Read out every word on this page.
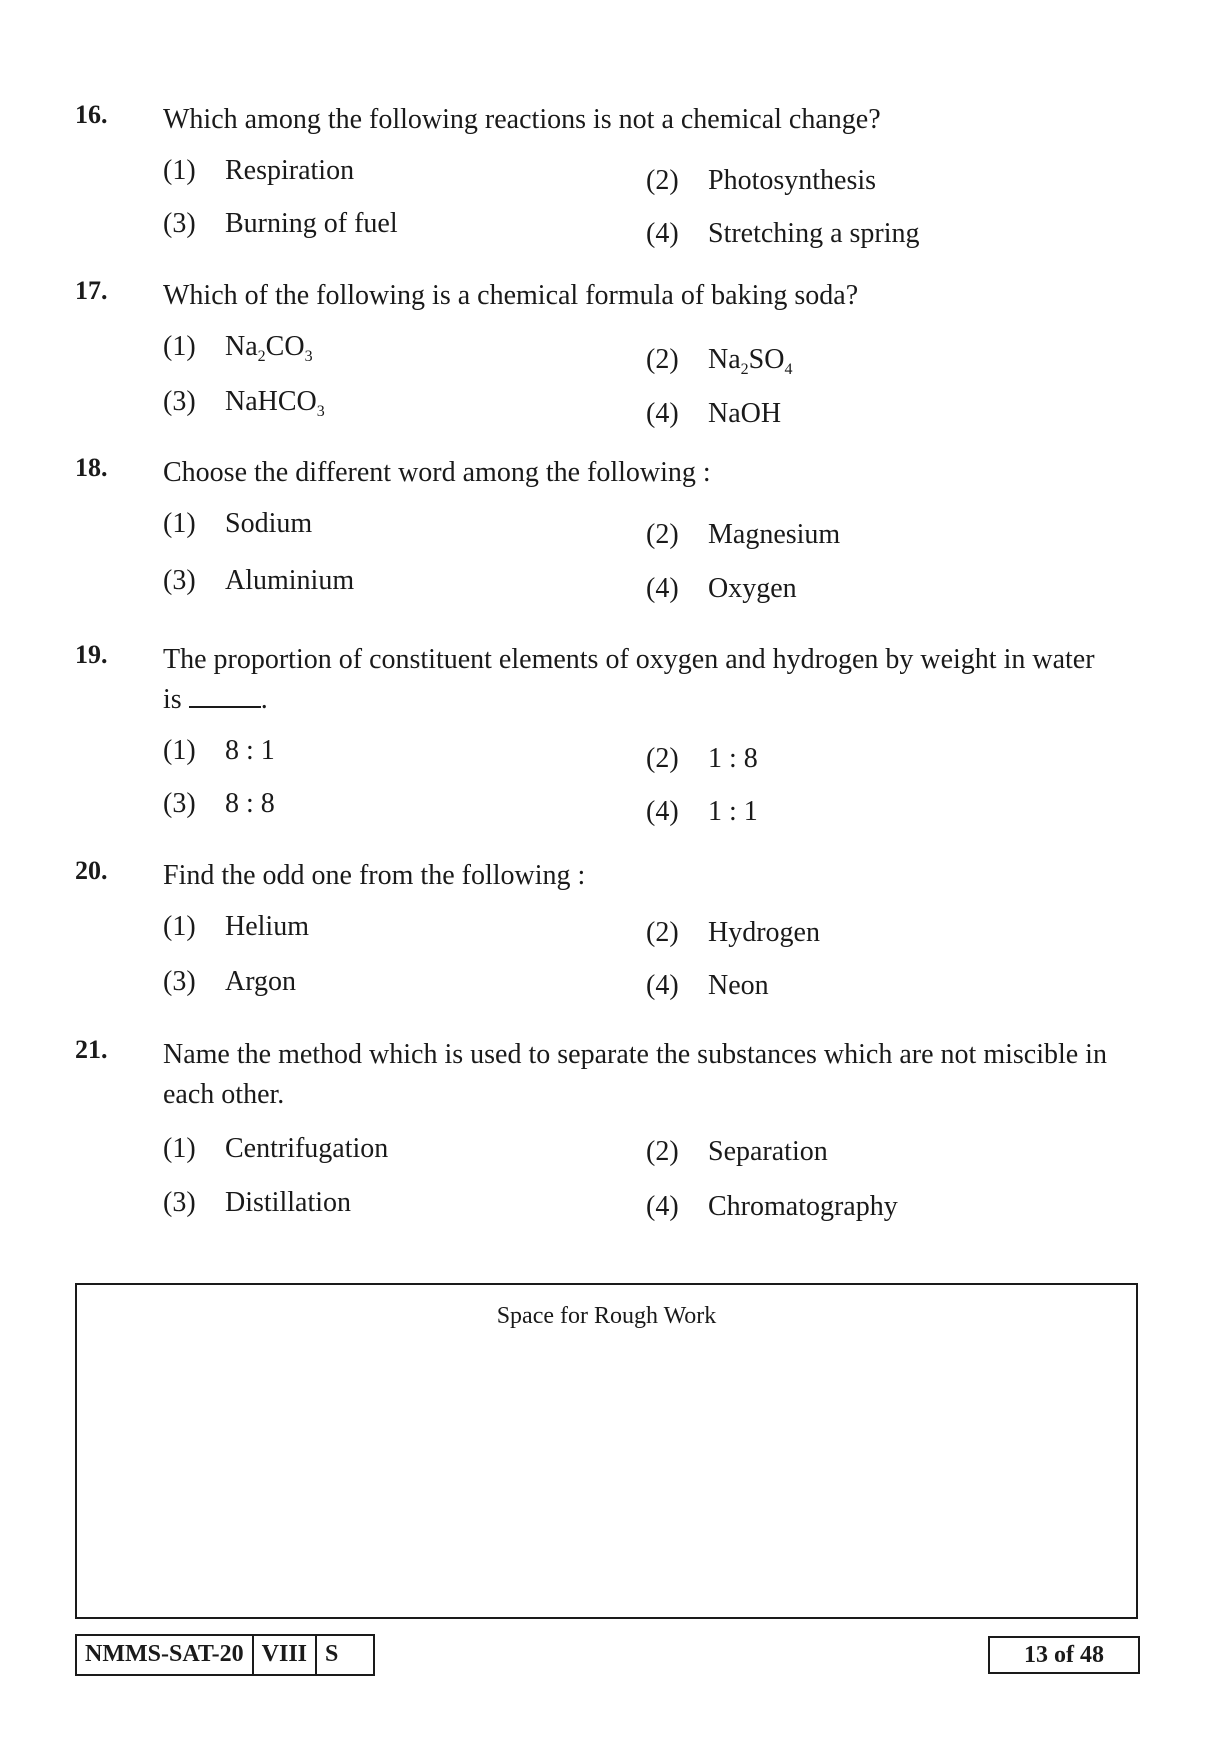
16. Which among the following reactions is not a chemical change?
(1) Respiration	(2) Photosynthesis
(3) Burning of fuel	(4) Stretching a spring
17. Which of the following is a chemical formula of baking soda?
(1) $Na_2CO_3$	(2) $Na_2SO_4$
(3) NaHCO$_3$	(4) NaOH
18. Choose the different word among the following :
(1) Sodium	(2) Magnesium
(3) Aluminium	(4) Oxygen
19. The proportion of constituent elements of oxygen and hydrogen by weight in water
is	.
(1) 8 : 1	(2) 1 : 8
(3) 8 : 8	(4) 1 : 1
20. Find the odd one from the following :
(1) Helium	(2) Hydrogen
(3) Argon	(4) Neon
21. Name the method which is used to separate the substances which are not miscible in each other.
(1) Centrifugation	(2) Separation
(3) Distillation	(4) Chromatography
Space for Rough Work
NMMS-SAT-20 VIII S	13 of 48
